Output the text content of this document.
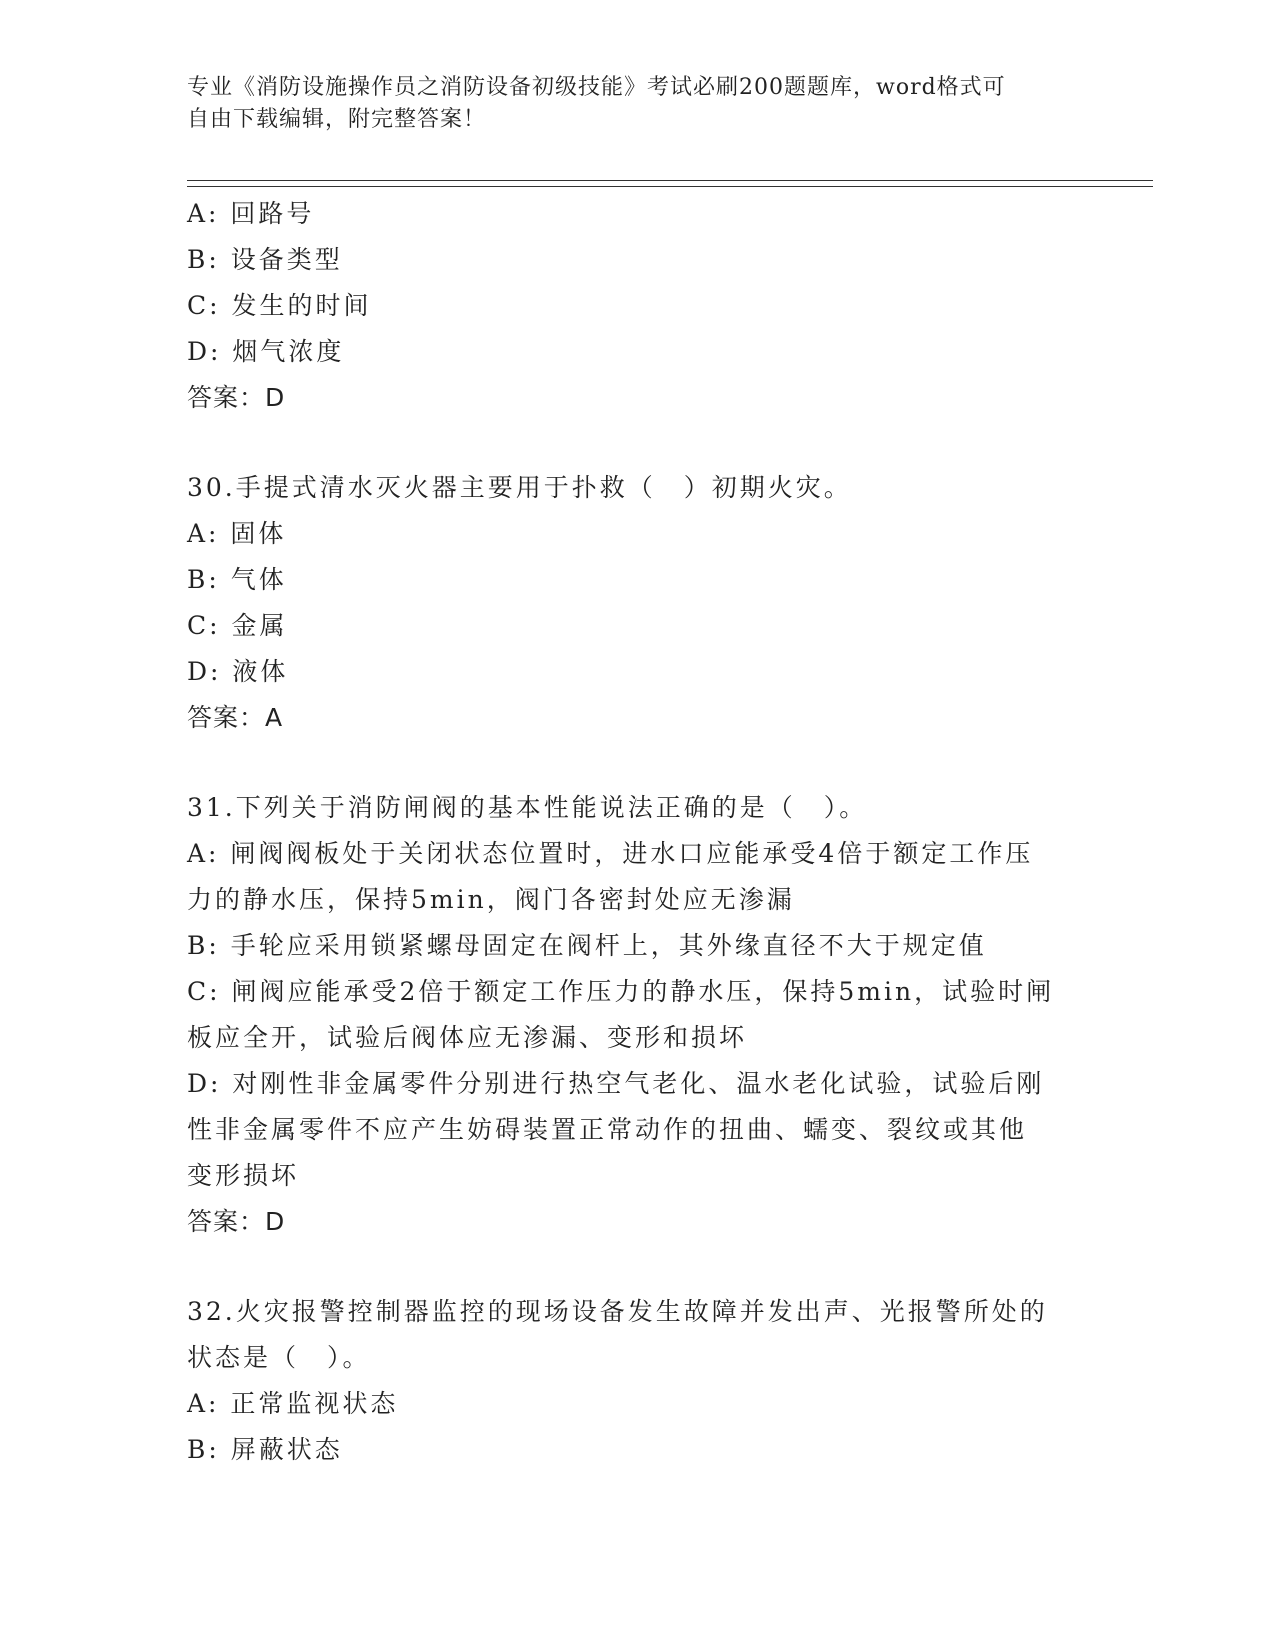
专业《消防设施操作员之消防设备初级技能》考试必刷200题题库，word格式可

自由下载编辑，附完整答案！

A: 回路号

B: 设备类型

C: 发生的时间

D: 烟气浓度

答案：D

30.手提式清水灭火器主要用于扑救（　）初期火灾。

A: 固体

B: 气体

C: 金属

D: 液体

答案：A

31.下列关于消防闸阀的基本性能说法正确的是（　）。

A: 闸阀阀板处于关闭状态位置时，进水口应能承受4倍于额定工作压

力的静水压，保持5min，阀门各密封处应无渗漏

B: 手轮应采用锁紧螺母固定在阀杆上，其外缘直径不大于规定值

C: 闸阀应能承受2倍于额定工作压力的静水压，保持5min，试验时闸

板应全开，试验后阀体应无渗漏、变形和损坏

D: 对刚性非金属零件分别进行热空气老化、温水老化试验，试验后刚

性非金属零件不应产生妨碍装置正常动作的扭曲、蠕变、裂纹或其他

变形损坏

答案：D

32.火灾报警控制器监控的现场设备发生故障并发出声、光报警所处的

状态是（　）。

A: 正常监视状态

B: 屏蔽状态
